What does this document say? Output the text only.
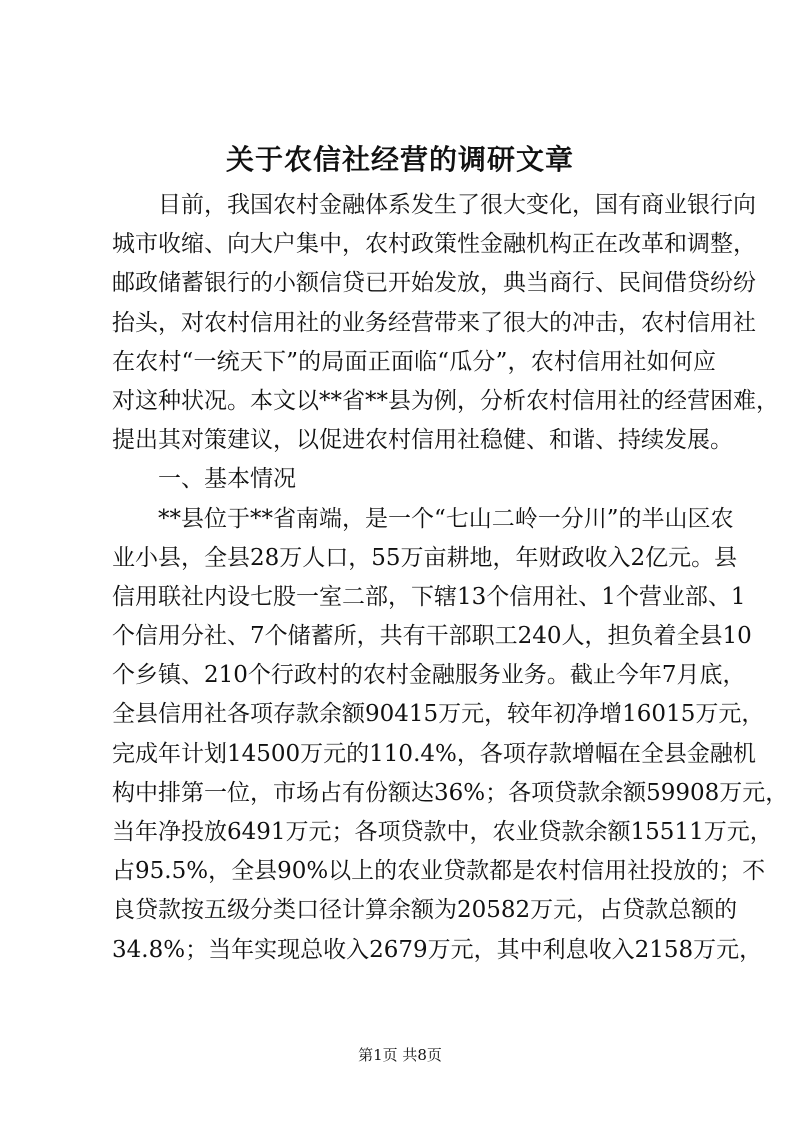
关于农信社经营的调研文章
目前，我国农村金融体系发生了很大变化，国有商业银行向
城市收缩、向大户集中，农村政策性金融机构正在改革和调整，
邮政储蓄银行的小额信贷已开始发放，典当商行、民间借贷纷纷
抬头，对农村信用社的业务经营带来了很大的冲击，农村信用社
在农村“一统天下”的局面正面临“瓜分”，农村信用社如何应
对这种状况。本文以**省**县为例，分析农村信用社的经营困难，
提出其对策建议，以促进农村信用社稳健、和谐、持续发展。
一、基本情况
**县位于**省南端，是一个“七山二岭一分川”的半山区农
业小县，全县28万人口，55万亩耕地，年财政收入2亿元。县
信用联社内设七股一室二部，下辖13个信用社、1个营业部、1
个信用分社、7个储蓄所，共有干部职工240人，担负着全县10
个乡镇、210个行政村的农村金融服务业务。截止今年7月底，
全县信用社各项存款余额90415万元，较年初净增16015万元，
完成年计划14500万元的110.4%，各项存款增幅在全县金融机
构中排第一位，市场占有份额达36%；各项贷款余额59908万元，
当年净投放6491万元；各项贷款中，农业贷款余额15511万元，
占95.5%，全县90%以上的农业贷款都是农村信用社投放的；不
良贷款按五级分类口径计算余额为20582万元，占贷款总额的
34.8%；当年实现总收入2679万元，其中利息收入2158万元，
第1页 共8页
